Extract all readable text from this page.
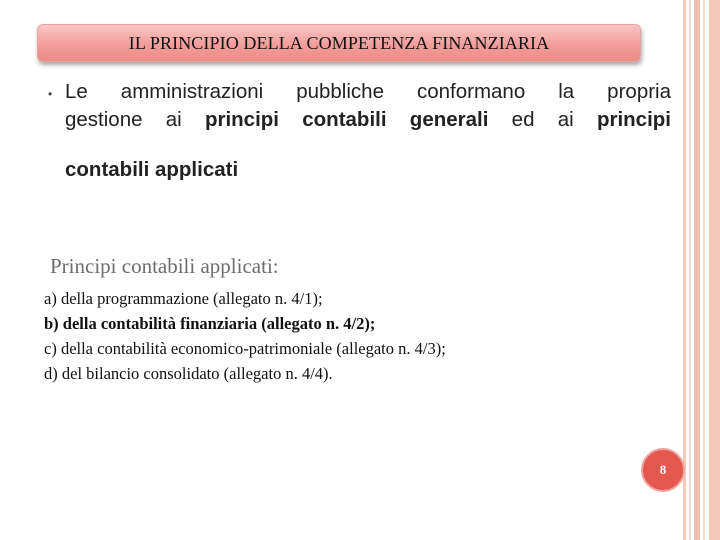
IL PRINCIPIO DELLA COMPETENZA FINANZIARIA
• Le amministrazioni pubbliche conformano la propria
gestione ai principi contabili generali ed ai principi
contabili applicati
Principi contabili applicati:
a) della programmazione (allegato n. 4/1);
b) della contabilità finanziaria (allegato n. 4/2);
c) della contabilità economico-patrimoniale (allegato n. 4/3);
d) del bilancio consolidato (allegato n. 4/4).
8
